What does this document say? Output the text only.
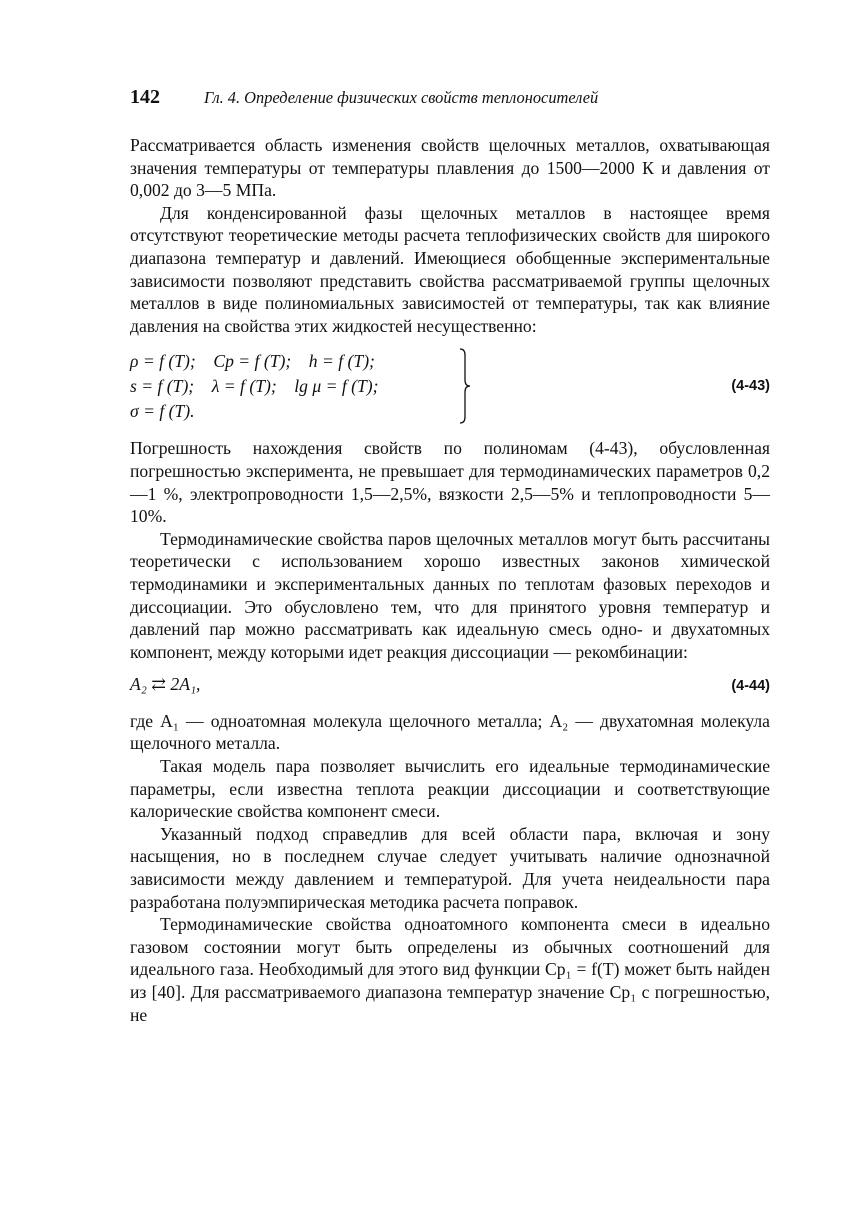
142	Гл. 4. Определение физических свойств теплоносителей

Рассматривается область изменения свойств щелочных металлов, охватывающая значения температуры от температуры плавления до 1500—2000 К и давления от 0,002 до 3—5 МПа.

Для конденсированной фазы щелочных металлов в настоящее время отсутствуют теоретические методы расчета теплофизических свойств для широкого диапазона температур и давлений. Имеющиеся обобщенные экспериментальные зависимости позволяют представить свойства рассматриваемой группы щелочных металлов в виде полиномиальных зависимостей от температуры, так как влияние давления на свойства этих жидкостей несущественно:

ρ = f (T);    Cp = f (T);    h = f (T);
s = f (T);    λ = f (T);    lg μ = f (T);
σ = f (T).
(4-43)

Погрешность нахождения свойств по полиномам (4-43), обусловленная погрешностью эксперимента, не превышает для термодинамических параметров 0,2—1 %, электропроводности 1,5—2,5%, вязкости 2,5—5% и теплопроводности 5—10%.

Термодинамические свойства паров щелочных металлов могут быть рассчитаны теоретически с использованием хорошо известных законов химической термодинамики и экспериментальных данных по теплотам фазовых переходов и диссоциации. Это обусловлено тем, что для принятого уровня температур и давлений пар можно рассматривать как идеальную смесь одно- и двухатомных компонент, между которыми идет реакция диссоциации — рекомбинации:

A₂ ⇄ 2A₁,	(4-44)

где A₁ — одноатомная молекула щелочного металла; A₂ — двухатомная молекула щелочного металла.

Такая модель пара позволяет вычислить его идеальные термодинамические параметры, если известна теплота реакции диссоциации и соответствующие калорические свойства компонент смеси.

Указанный подход справедлив для всей области пара, включая и зону насыщения, но в последнем случае следует учитывать наличие однозначной зависимости между давлением и температурой. Для учета неидеальности пара разработана полуэмпирическая методика расчета поправок.

Термодинамические свойства одноатомного компонента смеси в идеально газовом состоянии могут быть определены из обычных соотношений для идеального газа. Необходимый для этого вид функции Cp₁ = f(T) может быть найден из [40]. Для рассматриваемого диапазона температур значение Cp₁ с погрешностью, не
